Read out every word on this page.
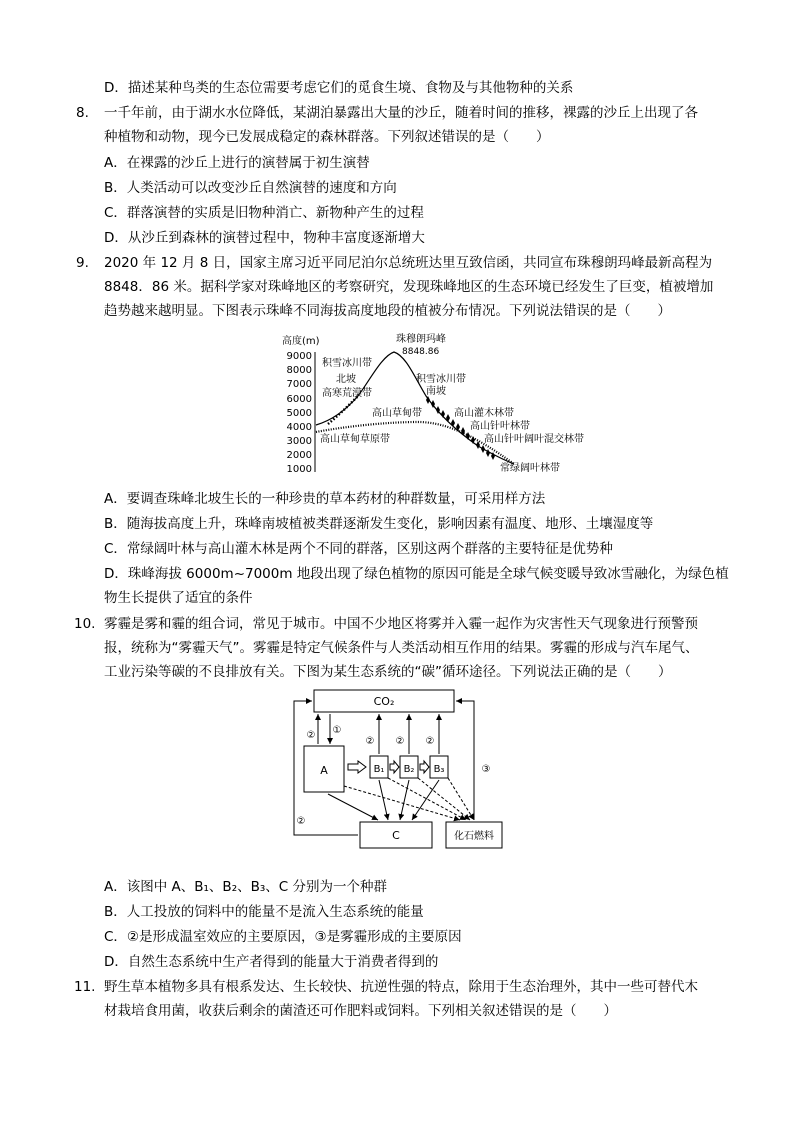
D．描述某种鸟类的生态位需要考虑它们的觅食生境、食物及与其他物种的关系
8. 一千年前，由于湖水水位降低，某湖泊暴露出大量的沙丘，随着时间的推移，裸露的沙丘上出现了各
种植物和动物，现今已发展成稳定的森林群落。下列叙述错误的是（　　）
A．在裸露的沙丘上进行的演替属于初生演替
B．人类活动可以改变沙丘自然演替的速度和方向
C．群落演替的实质是旧物种消亡、新物种产生的过程
D．从沙丘到森林的演替过程中，物种丰富度逐渐增大
9. 2020 年 12 月 8 日，国家主席习近平同尼泊尔总统班达里互致信函，共同宣布珠穆朗玛峰最新高程为
8848．86 米。据科学家对珠峰地区的考察研究，发现珠峰地区的生态环境已经发生了巨变，植被增加
趋势越来越明显。下图表示珠峰不同海拔高度地段的植被分布情况。下列说法错误的是（　　）
高度(m)
9000
8000
7000
6000
5000
4000
3000
2000
1000
珠穆朗玛峰
8848.86
积雪冰川带
北坡
高寒荒漠带
积雪冰川带
南坡
高山草甸带	高山灌木林带
高山针叶林带
高山针叶阔叶混交林带
高山草甸草原带
常绿阔叶林带
A．要调查珠峰北坡生长的一种珍贵的草本药材的种群数量，可采用样方法
B．随海拔高度上升，珠峰南坡植被类群逐渐发生变化，影响因素有温度、地形、土壤湿度等
C．常绿阔叶林与高山灌木林是两个不同的群落，区别这两个群落的主要特征是优势种
D．珠峰海拔 6000m~7000m 地段出现了绿色植物的原因可能是全球气候变暖导致冰雪融化，为绿色植
物生长提供了适宜的条件
10. 雾霾是雾和霾的组合词，常见于城市。中国不少地区将雾并入霾一起作为灾害性天气现象进行预警预
报，统称为“雾霾天气”。雾霾是特定气候条件与人类活动相互作用的结果。雾霾的形成与汽车尾气、
工业污染等碳的不良排放有关。下图为某生态系统的“碳”循环途径。下列说法正确的是（　　）
CO₂
A	B₁ B₂ B₃
C	化石燃料
①
②
② ② ②
②
③
A．该图中 A、B₁、B₂、B₃、C 分别为一个种群
B．人工投放的饲料中的能量不是流入生态系统的能量
C．②是形成温室效应的主要原因，③是雾霾形成的主要原因
D．自然生态系统中生产者得到的能量大于消费者得到的
11. 野生草本植物多具有根系发达、生长较快、抗逆性强的特点，除用于生态治理外，其中一些可替代木
材栽培食用菌，收获后剩余的菌渣还可作肥料或饲料。下列相关叙述错误的是（　　）
